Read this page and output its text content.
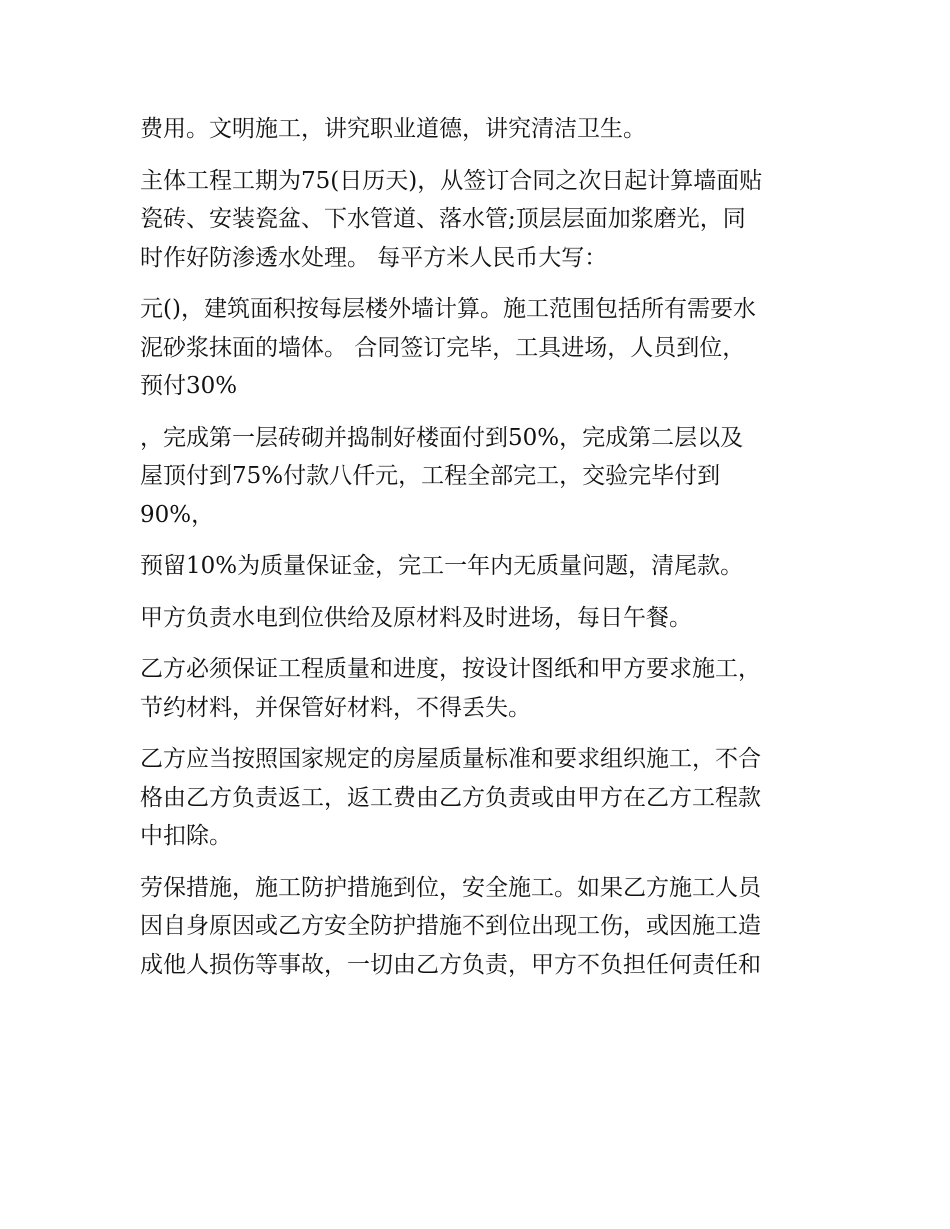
费用。文明施工，讲究职业道德，讲究清洁卫生。

主体工程工期为75(日历天)，从签订合同之次日起计算墙面贴

瓷砖、安装瓷盆、下水管道、落水管;顶层层面加浆磨光，同

时作好防渗透水处理。 每平方米人民币大写：

元()，建筑面积按每层楼外墙计算。施工范围包括所有需要水

泥砂浆抹面的墙体。 合同签订完毕，工具进场，人员到位，

预付30%

，完成第一层砖砌并捣制好楼面付到50%，完成第二层以及

屋顶付到75%付款八仟元，工程全部完工，交验完毕付到

90%，

预留10%为质量保证金，完工一年内无质量问题，清尾款。

甲方负责水电到位供给及原材料及时进场，每日午餐。

乙方必须保证工程质量和进度，按设计图纸和甲方要求施工，

节约材料，并保管好材料，不得丢失。

乙方应当按照国家规定的房屋质量标准和要求组织施工，不合

格由乙方负责返工，返工费由乙方负责或由甲方在乙方工程款

中扣除。

劳保措施，施工防护措施到位，安全施工。如果乙方施工人员

因自身原因或乙方安全防护措施不到位出现工伤，或因施工造

成他人损伤等事故，一切由乙方负责，甲方不负担任何责任和
